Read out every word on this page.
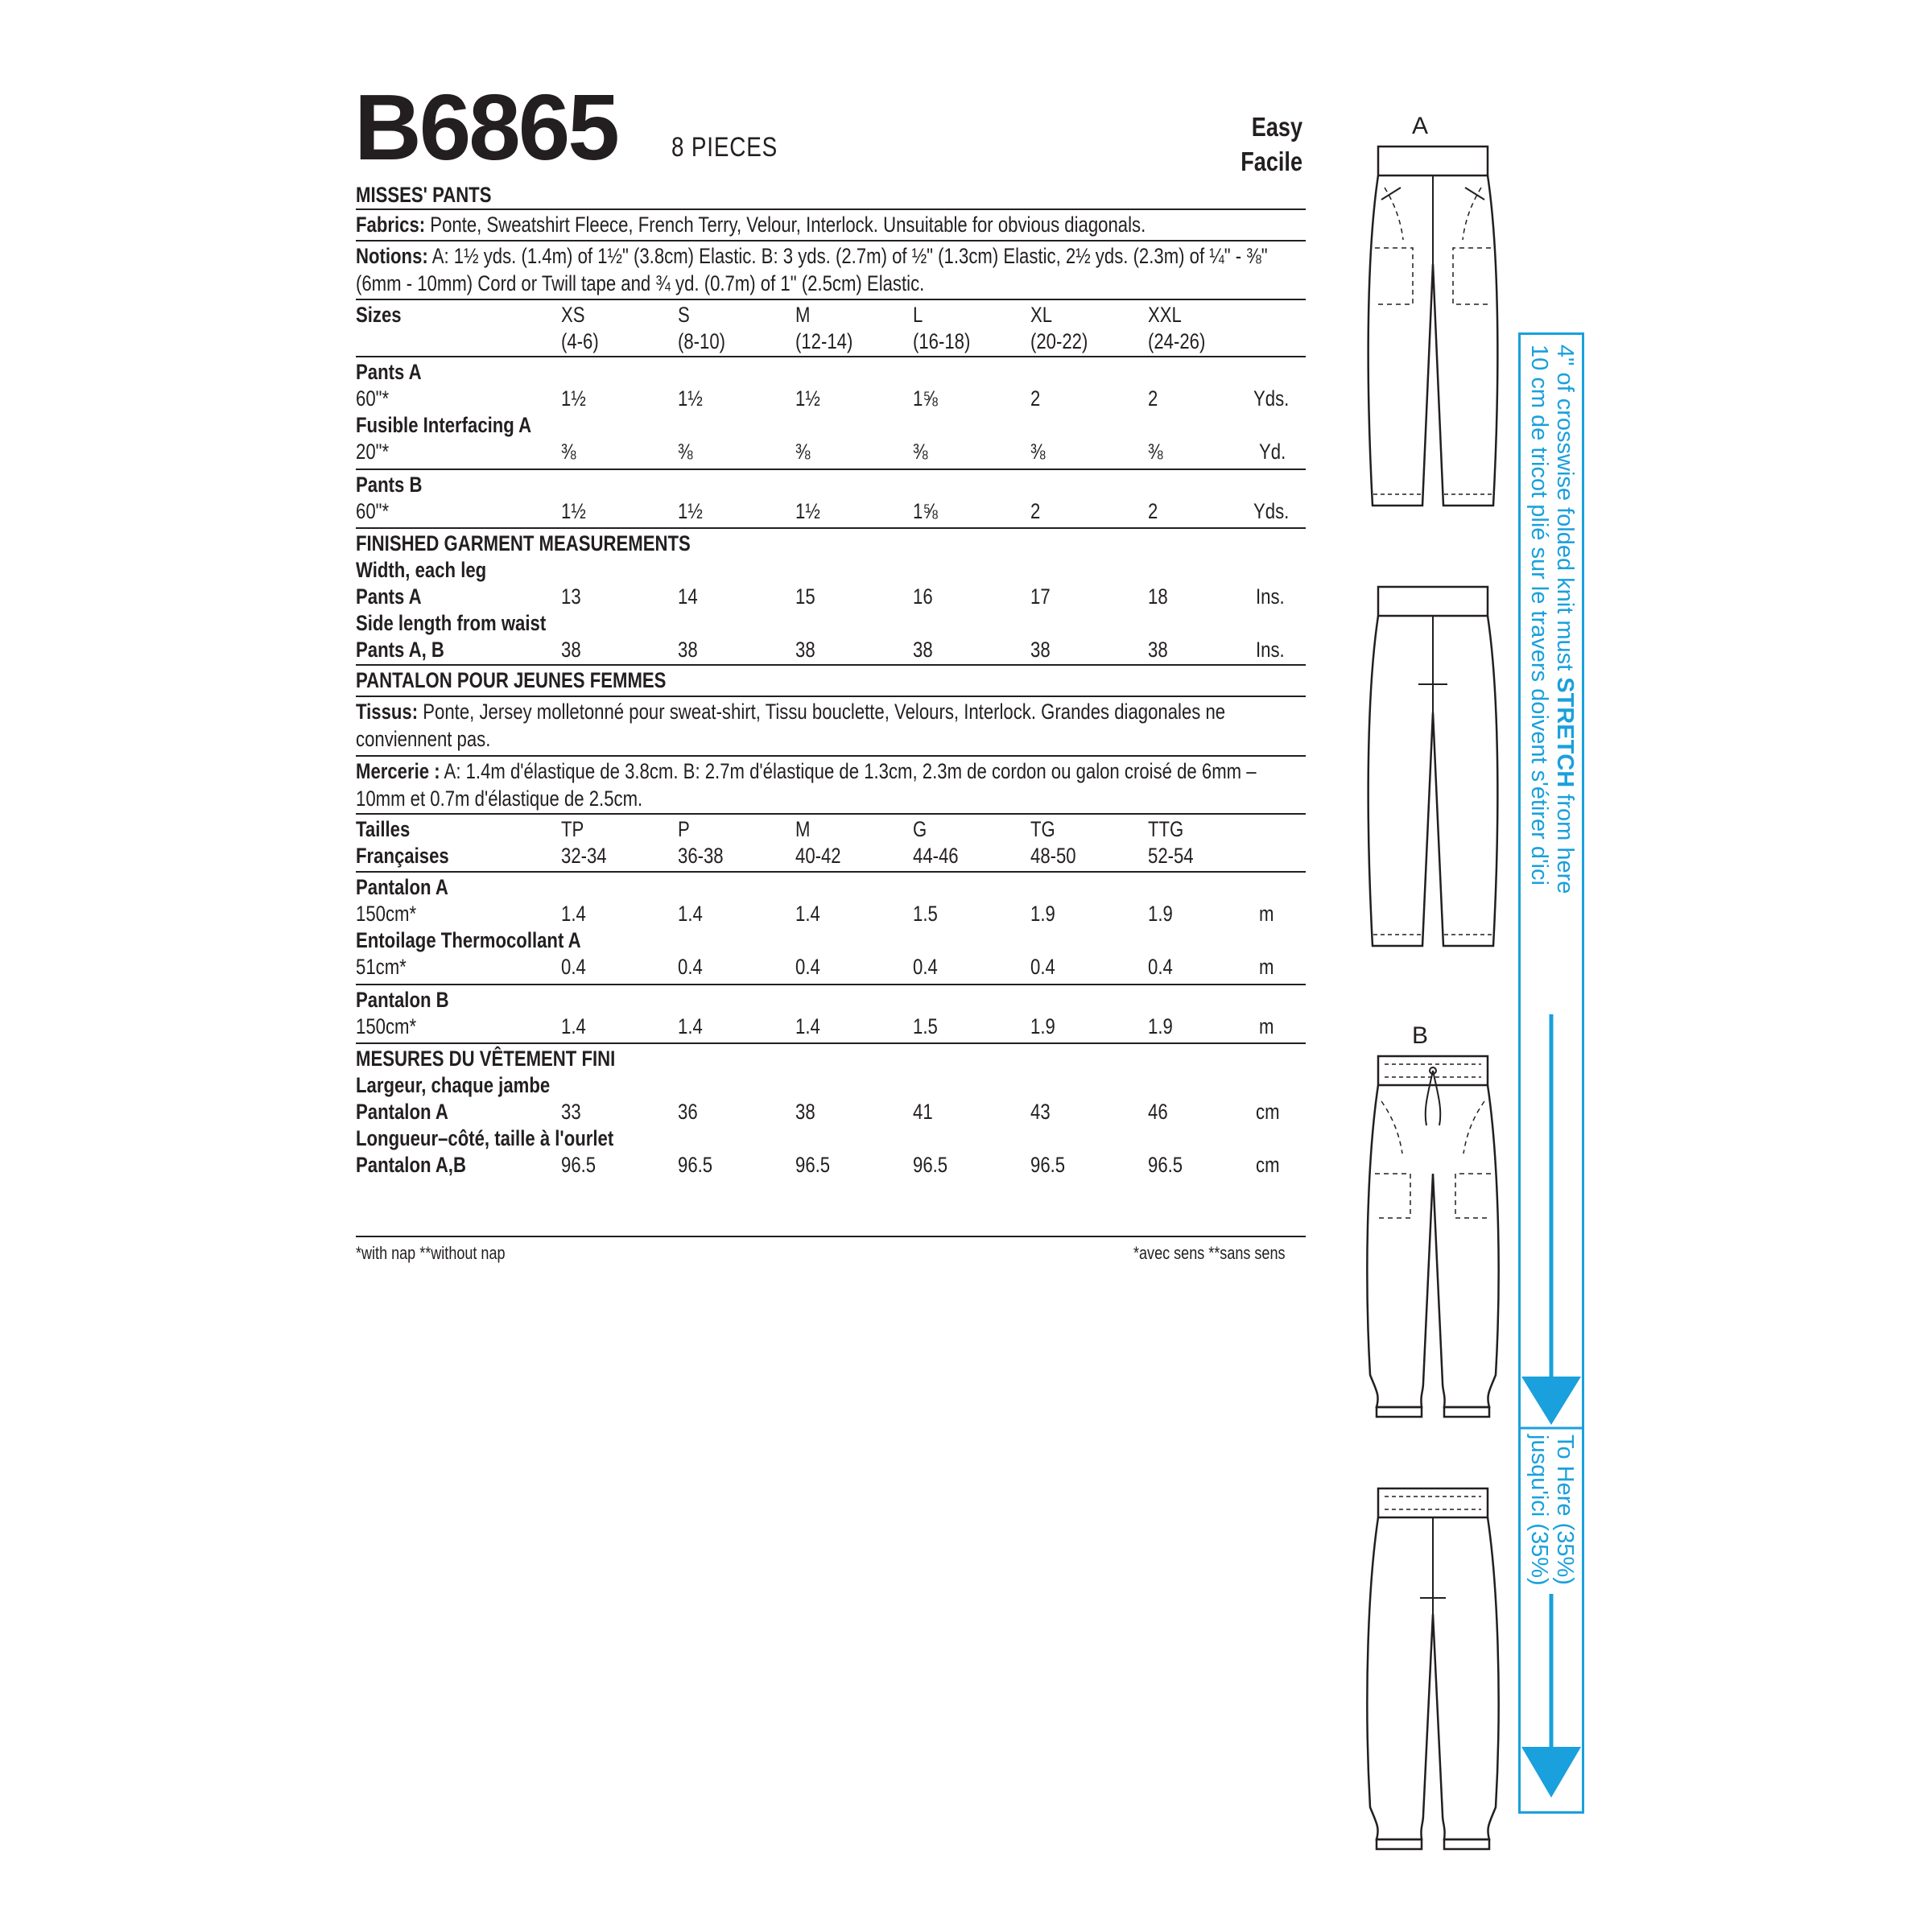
B6865 8 PIECES
Easy
Facile
MISSES' PANTS
Fabrics: Ponte, Sweatshirt Fleece, French Terry, Velour, Interlock. Unsuitable for obvious diagonals.
Notions: A: 1½ yds. (1.4m) of 1½" (3.8cm) Elastic. B: 3 yds. (2.7m) of ½" (1.3cm) Elastic, 2½ yds. (2.3m) of ¼" - ⅜"
(6mm - 10mm) Cord or Twill tape and ¾ yd. (0.7m) of 1" (2.5cm) Elastic.
Sizes	XS	S	M	L	XL	XXL
(4-6)	(8-10)	(12-14)	(16-18)	(20-22)	(24-26)
Pants A
60"*	1½	1½	1½	1⅝	2	2	Yds.
Fusible Interfacing A
20"*	⅜	⅜	⅜	⅜	⅜	⅜	Yd.
Pants B
60"*	1½	1½	1½	1⅝	2	2	Yds.
FINISHED GARMENT MEASUREMENTS
Width, each leg
Pants A	13	14	15	16	17	18	Ins.
Side length from waist
Pants A, B	38	38	38	38	38	38	Ins.
PANTALON POUR JEUNES FEMMES
Tissus: Ponte, Jersey molletonné pour sweat-shirt, Tissu bouclette, Velours, Interlock. Grandes diagonales ne
conviennent pas.
Mercerie : A: 1.4m d'élastique de 3.8cm. B: 2.7m d'élastique de 1.3cm, 2.3m de cordon ou galon croisé de 6mm –
10mm et 0.7m d'élastique de 2.5cm.
Tailles
Françaises
TP	P	M	G	TG	TTG
32-34	36-38	40-42	44-46	48-50	52-54
Pantalon A
150cm*	1.4	1.4	1.4	1.5	1.9	1.9	m
Entoilage Thermocollant A
51cm*	0.4	0.4	0.4	0.4	0.4	0.4	m
Pantalon B
150cm*	1.4	1.4	1.4	1.5	1.9	1.9	m
MESURES DU VÊTEMENT FINI
Largeur, chaque jambe
Pantalon A	33	36	38	41	43	46	cm
Longueur–côté, taille à l'ourlet
Pantalon A,B	96.5	96.5	96.5	96.5	96.5	96.5	cm
*with nap **without nap	*avec sens **sans sens
A
B
4" of crosswise folded knit must STRETCH from here
10 cm de tricot plié sur le travers doivent s'étirer d'ici
To Here (35%)
jusqu'ici (35%)
